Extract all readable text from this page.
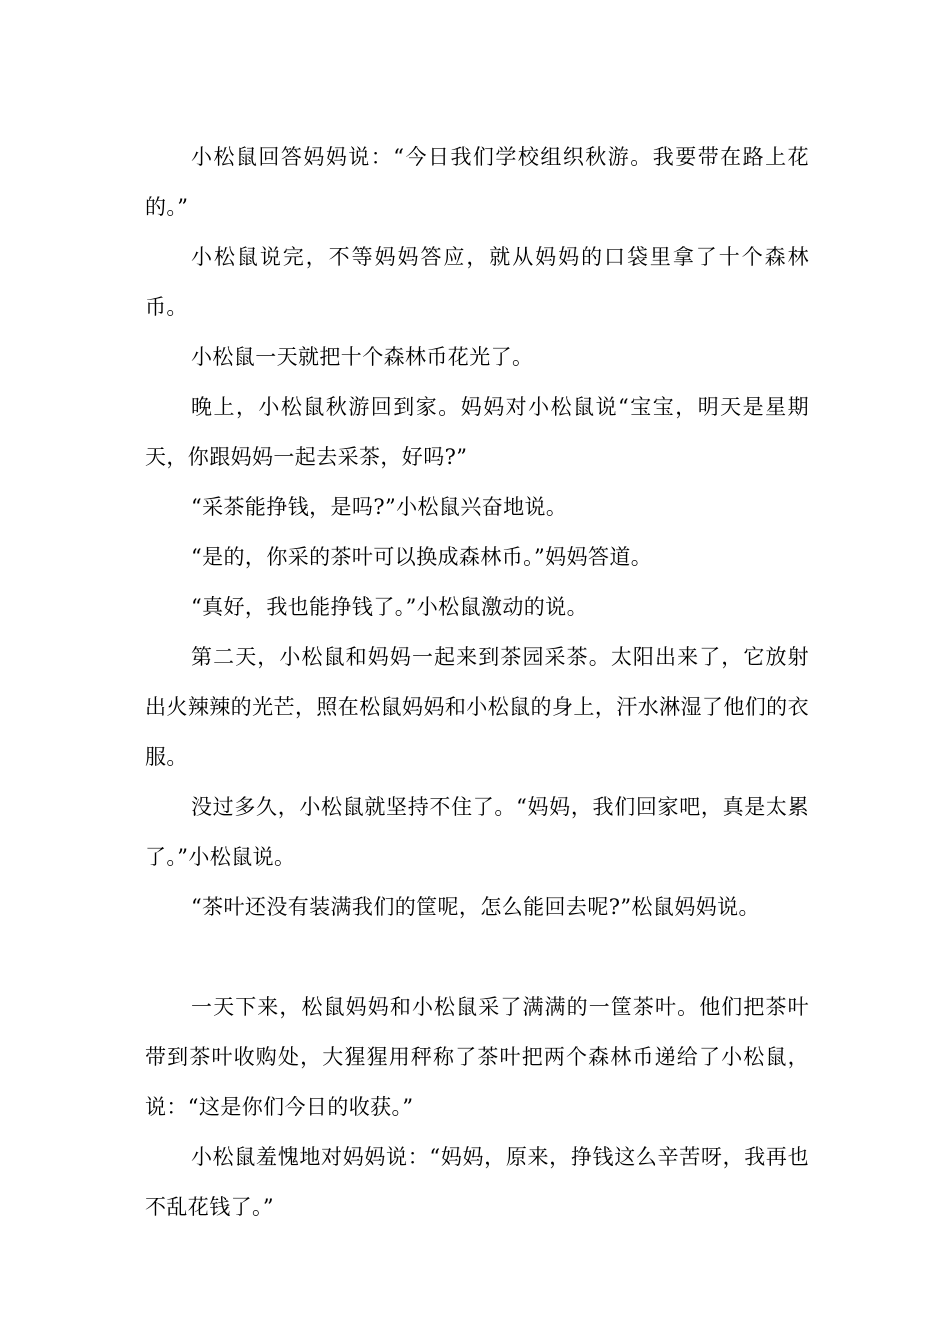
小松鼠回答妈妈说：“今日我们学校组织秋游。我要带在路上花的。”

小松鼠说完，不等妈妈答应，就从妈妈的口袋里拿了十个森林币。

小松鼠一天就把十个森林币花光了。

晚上，小松鼠秋游回到家。妈妈对小松鼠说“宝宝，明天是星期天，你跟妈妈一起去采茶，好吗?”

“采茶能挣钱，是吗?”小松鼠兴奋地说。

“是的，你采的茶叶可以换成森林币。”妈妈答道。

“真好，我也能挣钱了。”小松鼠激动的说。

第二天，小松鼠和妈妈一起来到茶园采茶。太阳出来了，它放射出火辣辣的光芒，照在松鼠妈妈和小松鼠的身上，汗水淋湿了他们的衣服。

没过多久，小松鼠就坚持不住了。“妈妈，我们回家吧，真是太累了。”小松鼠说。

“茶叶还没有装满我们的筐呢，怎么能回去呢?”松鼠妈妈说。

一天下来，松鼠妈妈和小松鼠采了满满的一筐茶叶。他们把茶叶带到茶叶收购处，大猩猩用秤称了茶叶把两个森林币递给了小松鼠，说：“这是你们今日的收获。”

小松鼠羞愧地对妈妈说：“妈妈，原来，挣钱这么辛苦呀，我再也不乱花钱了。”
